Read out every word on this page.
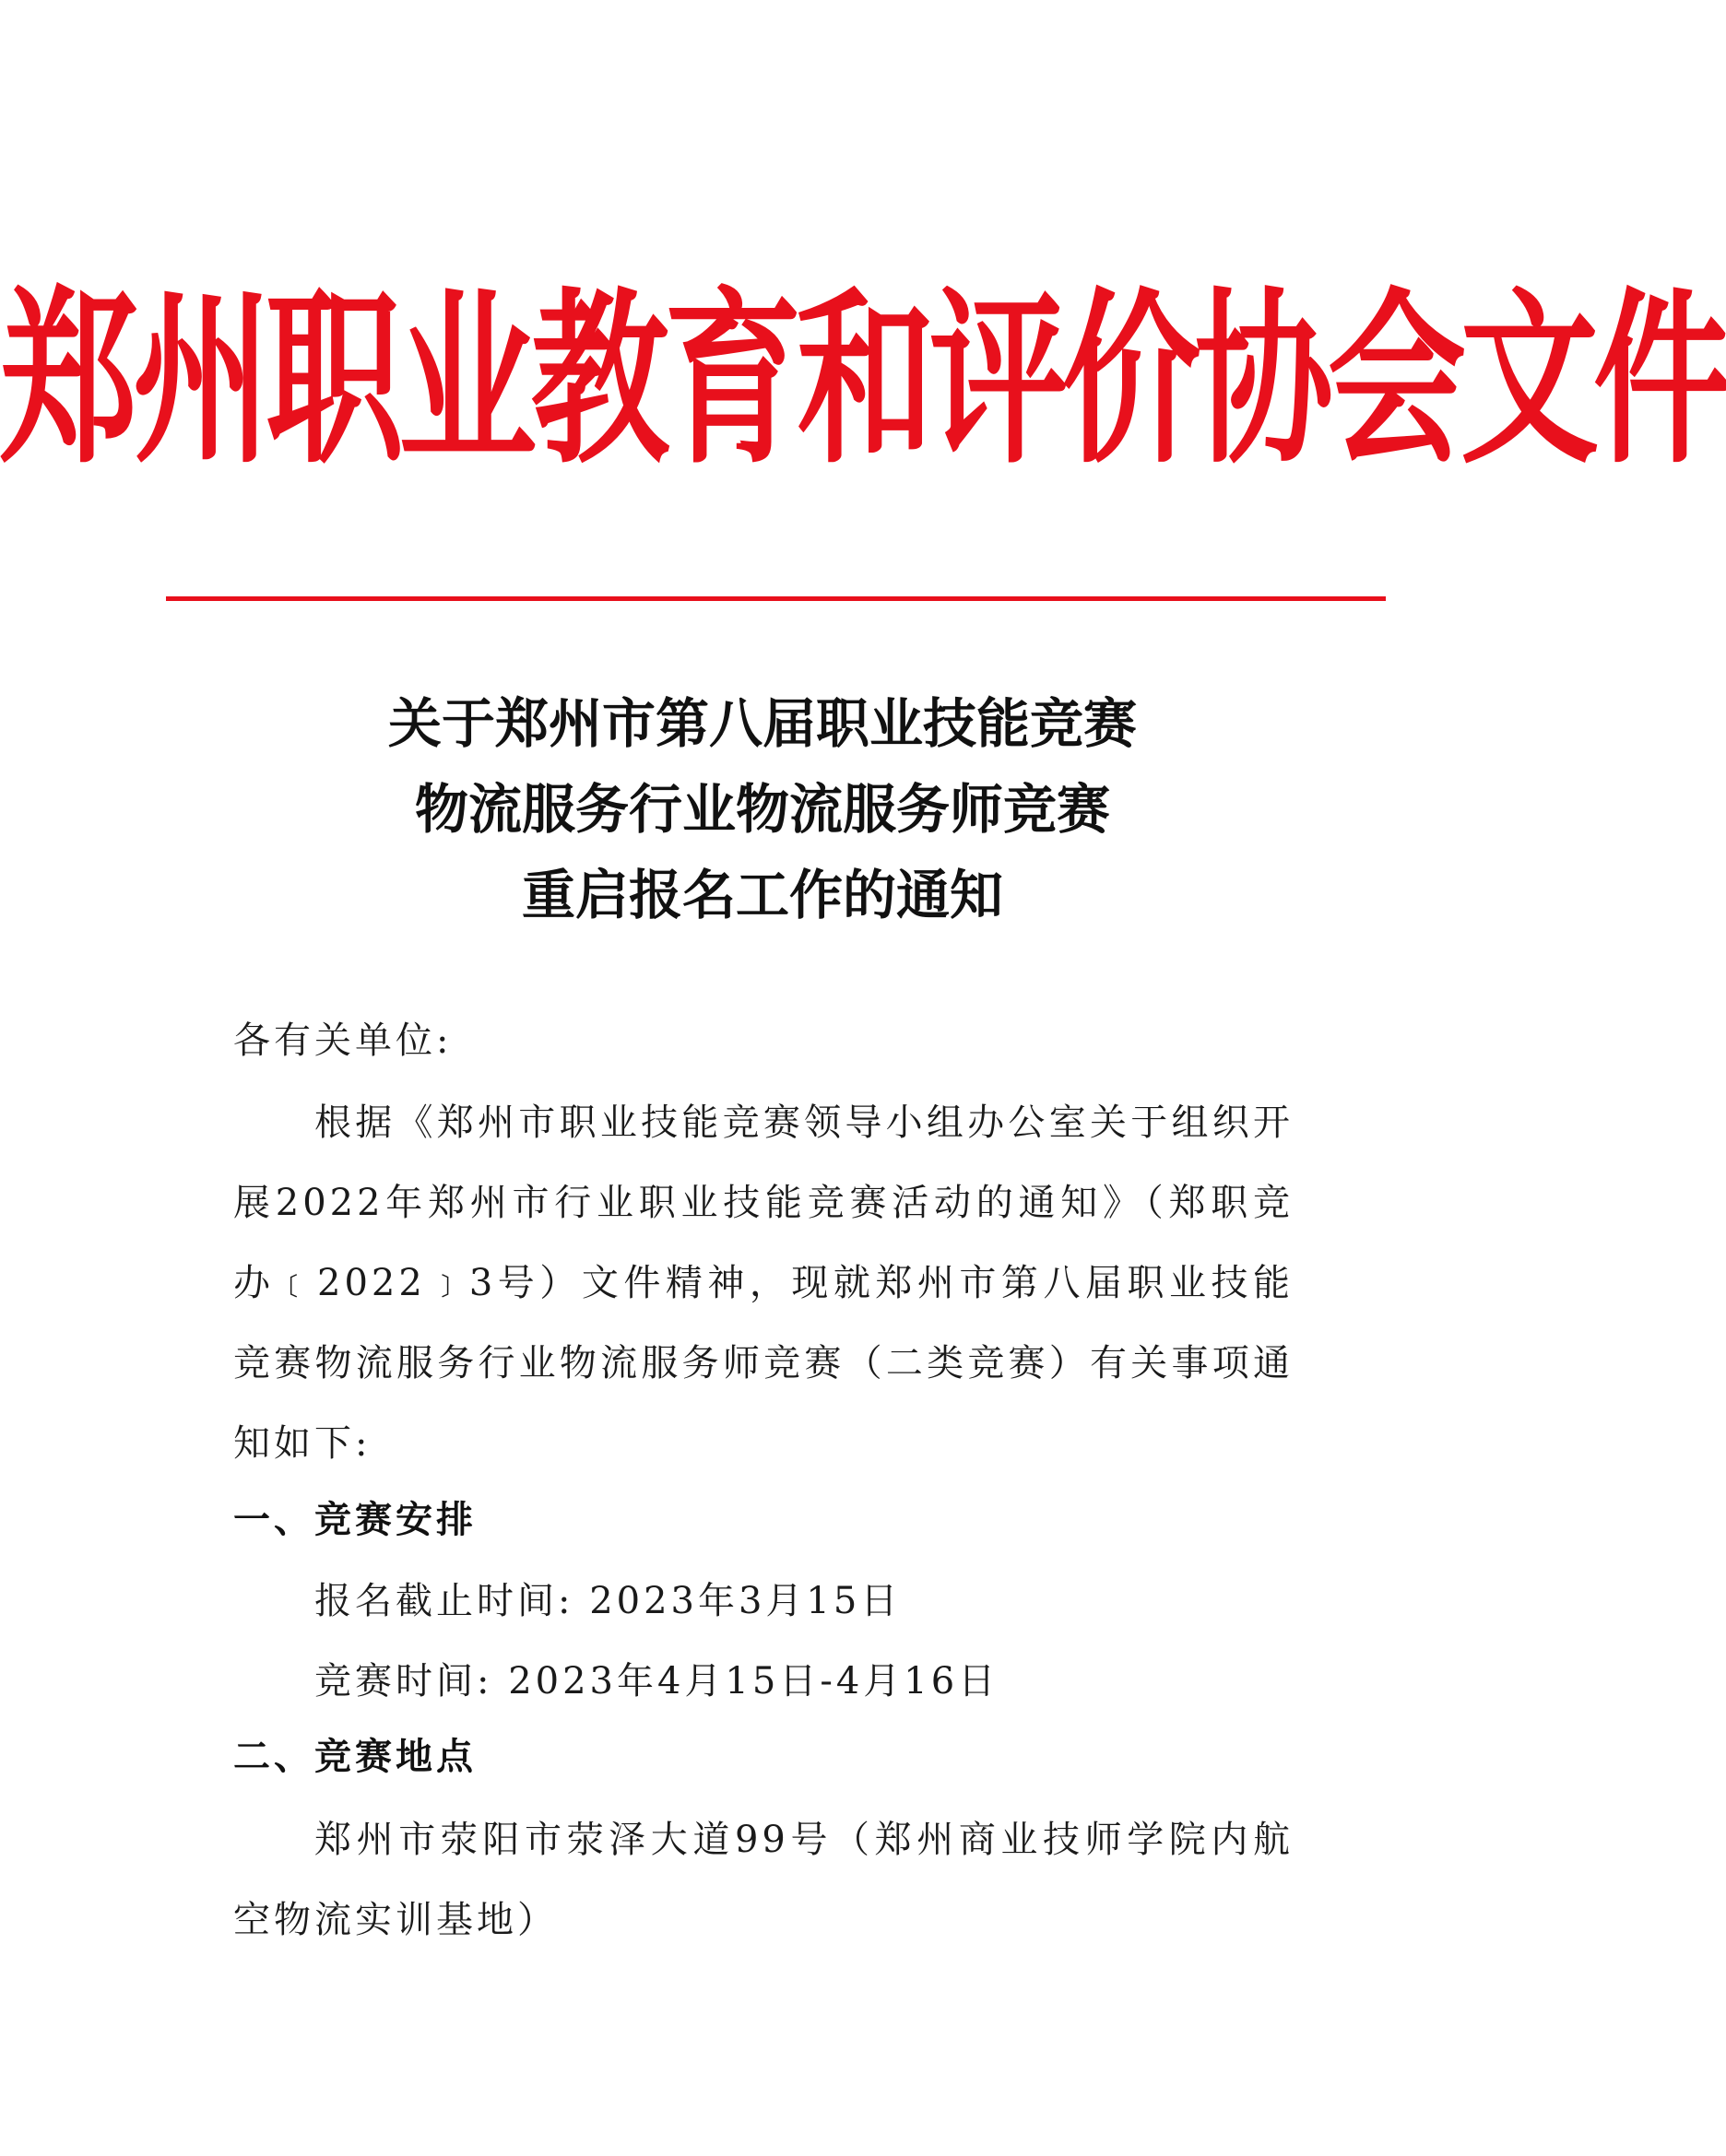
郑州职业教育和评价协会文件
关于郑州市第八届职业技能竞赛
物流服务行业物流服务师竞赛
重启报名工作的通知
各有关单位:
根据《郑州市职业技能竞赛领导小组办公室关于组织开展2022年郑州市行业职业技能竞赛活动的通知》（郑职竞办﹝2022﹞3号）文件精神，现就郑州市第八届职业技能竞赛物流服务行业物流服务师竞赛（二类竞赛）有关事项通知如下:
一、竞赛安排
报名截止时间: 2023年3月15日
竞赛时间: 2023年4月15日-4月16日
二、竞赛地点
郑州市荥阳市荥泽大道99号（郑州商业技师学院内航空物流实训基地）
